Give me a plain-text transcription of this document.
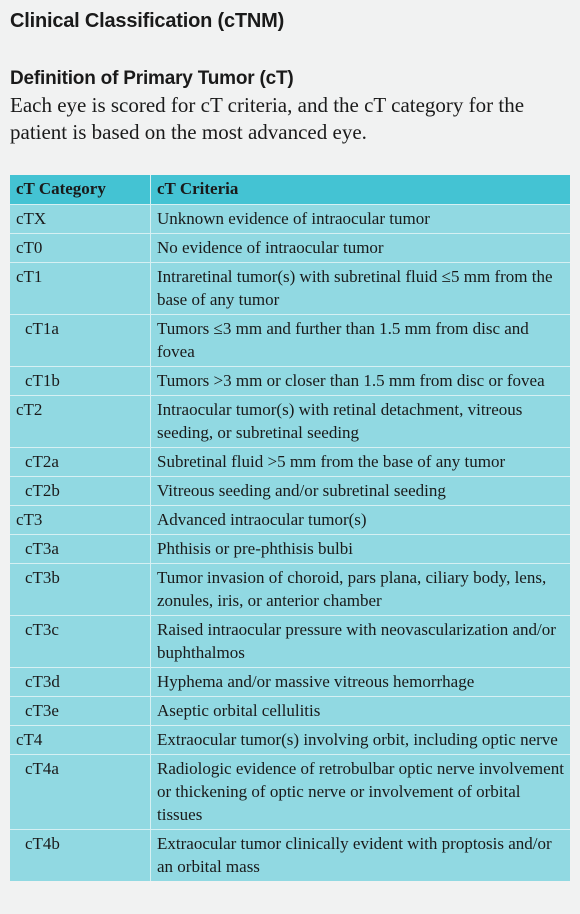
Clinical Classification (cTNM)
Definition of Primary Tumor (cT)

Each eye is scored for cT criteria, and the cT category for the patient is based on the most advanced eye.

cT Category	cT Criteria
cTX	Unknown evidence of intraocular tumor
cT0	No evidence of intraocular tumor
cT1	Intraretinal tumor(s) with subretinal fluid ≤5 mm from the base of any tumor
cT1a	Tumors ≤3 mm and further than 1.5 mm from disc and fovea
cT1b	Tumors >3 mm or closer than 1.5 mm from disc or fovea
cT2	Intraocular tumor(s) with retinal detachment, vitreous seeding, or subretinal seeding
cT2a	Subretinal fluid >5 mm from the base of any tumor
cT2b	Vitreous seeding and/or subretinal seeding
cT3	Advanced intraocular tumor(s)
cT3a	Phthisis or pre-phthisis bulbi
cT3b	Tumor invasion of choroid, pars plana, ciliary body, lens, zonules, iris, or anterior chamber
cT3c	Raised intraocular pressure with neovascularization and/or buphthalmos
cT3d	Hyphema and/or massive vitreous hemorrhage
cT3e	Aseptic orbital cellulitis
cT4	Extraocular tumor(s) involving orbit, including optic nerve
cT4a	Radiologic evidence of retrobulbar optic nerve involvement or thickening of optic nerve or involvement of orbital tissues
cT4b	Extraocular tumor clinically evident with proptosis and/or an orbital mass
